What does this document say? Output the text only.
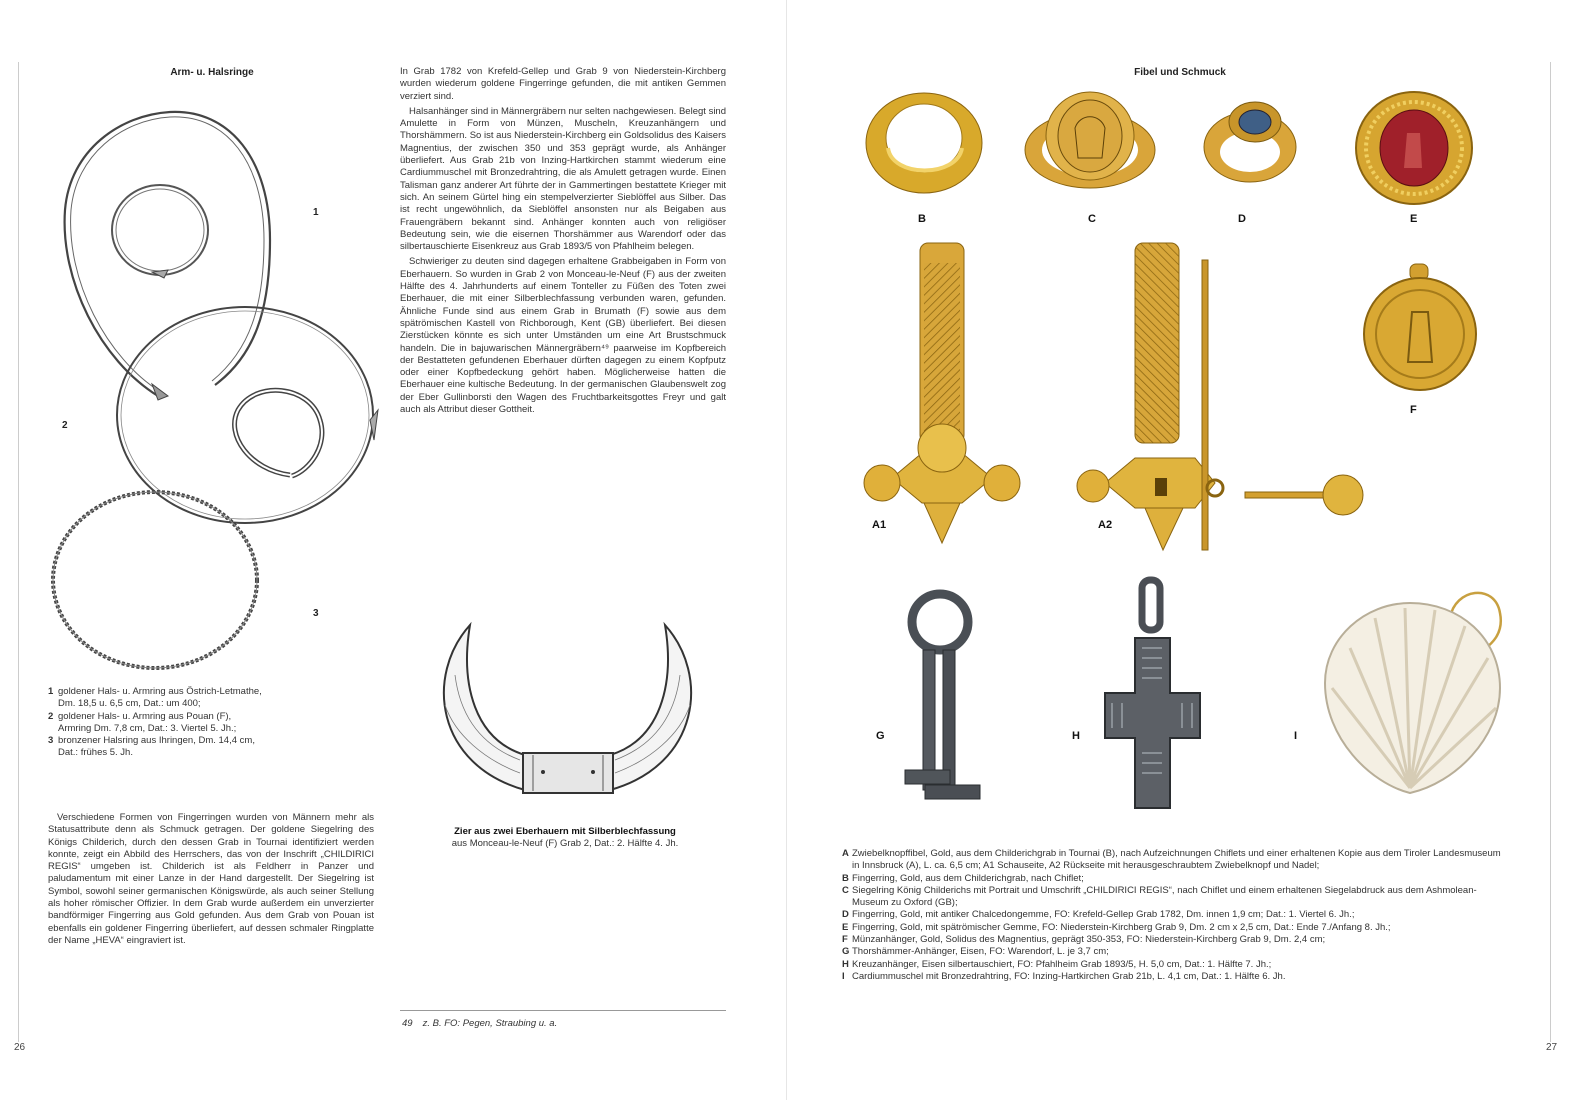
Arm- u. Halsringe
1
2
3
1 goldener Hals- u. Armring aus Östrich-Letmathe,
Dm. 18,5 u. 6,5 cm, Dat.: um 400;
2 goldener Hals- u. Armring aus Pouan (F),
Armring Dm. 7,8 cm, Dat.: 3. Viertel 5. Jh.;
3 bronzener Halsring aus Ihringen, Dm. 14,4 cm,
Dat.: frühes 5. Jh.

Verschiedene Formen von Fingerringen wurden von Männern mehr als Statusattribute denn als Schmuck getragen. Der goldene Siegelring des Königs Childerich, durch den dessen Grab in Tournai identifiziert werden konnte, zeigt ein Abbild des Herrschers, das von der Inschrift „CHILDIRICI REGIS“ umgeben ist. Childerich ist als Feldherr in Panzer und paludamentum mit einer Lanze in der Hand dargestellt. Der Siegelring ist Symbol, sowohl seiner germanischen Königswürde, als auch seiner Stellung als hoher römischer Offizier. In dem Grab wurde außerdem ein unverzierter bandförmiger Fingerring aus Gold gefunden. Aus dem Grab von Pouan ist ebenfalls ein goldener Fingerring überliefert, auf dessen schmaler Ringplatte der Name „HEVA“ eingraviert ist.

26

In Grab 1782 von Krefeld-Gellep und Grab 9 von Niederstein-Kirchberg wurden wiederum goldene Fingerringe gefunden, die mit antiken Gemmen verziert sind.

Halsanhänger sind in Männergräbern nur selten nachgewiesen. Belegt sind Amulette in Form von Münzen, Muscheln, Kreuzanhängern und Thorshämmern. So ist aus Niederstein-Kirchberg ein Goldsolidus des Kaisers Magnentius, der zwischen 350 und 353 geprägt wurde, als Anhänger überliefert. Aus Grab 21b von Inzing-Hartkirchen stammt wiederum eine Cardiummuschel mit Bronzedrahtring, die als Amulett getragen wurde. Einen Talisman ganz anderer Art führte der in Gammertingen bestattete Krieger mit sich. An seinem Gürtel hing ein stempelverzierter Sieblöffel aus Silber. Das ist recht ungewöhnlich, da Sieblöffel ansonsten nur als Beigaben aus Frauengräbern bekannt sind. Anhänger konnten auch von religiöser Bedeutung sein, wie die eisernen Thorshämmer aus Warendorf oder das silbertauschierte Eisenkreuz aus Grab 1893/5 von Pfahlheim belegen.

Schwieriger zu deuten sind dagegen erhaltene Grabbeigaben in Form von Eberhauern. So wurden in Grab 2 von Monceau-le-Neuf (F) aus der zweiten Hälfte des 4. Jahrhunderts auf einem Tonteller zu Füßen des Toten zwei Eberhauer, die mit einer Silberblechfassung verbunden waren, gefunden. Ähnliche Funde sind aus einem Grab in Brumath (F) sowie aus dem spätrömischen Kastell von Richborough, Kent (GB) überliefert. Bei diesen Zierstücken könnte es sich unter Umständen um eine Art Brustschmuck handeln. Die in bajuwarischen Männergräbern⁴⁹ paarweise im Kopfbereich der Bestatteten gefundenen Eberhauer dürften dagegen zu einem Kopfputz oder einer Kopfbedeckung gehört haben. Möglicherweise hatten die Eberhauer eine kultische Bedeutung. In der germanischen Glaubenswelt zog der Eber Gullinborsti den Wagen des Fruchtbarkeitsgottes Freyr und galt auch als Attribut dieser Gottheit.

Zier aus zwei Eberhauern mit Silberblechfassung
aus Monceau-le-Neuf (F) Grab 2, Dat.: 2. Hälfte 4. Jh.
49 z. B. FO: Pegen, Straubing u. a.
Fibel und Schmuck
B	C	D	E
F
A1	A2
G	H	I
A Zwiebelknopffibel, Gold, aus dem Childerichgrab in Tournai (B), nach Aufzeichnungen Chiflets und einer erhaltenen Kopie aus dem Tiroler Landesmuseum in Innsbruck (A), L. ca. 6,5 cm; A1 Schauseite, A2 Rückseite mit herausgeschraubtem Zwiebelknopf und Nadel;
B Fingerring, Gold, aus dem Childerichgrab, nach Chiflet;
C Siegelring König Childerichs mit Portrait und Umschrift „CHILDIRICI REGIS“, nach Chiflet und einem erhaltenen Siegelabdruck aus dem Ashmolean-Museum zu Oxford (GB);
D Fingerring, Gold, mit antiker Chalcedongemme, FO: Krefeld-Gellep Grab 1782, Dm. innen 1,9 cm; Dat.: 1. Viertel 6. Jh.;
E Fingerring, Gold, mit spätrömischer Gemme, FO: Niederstein-Kirchberg Grab 9, Dm. 2 cm x 2,5 cm, Dat.: Ende 7./Anfang 8. Jh.;
F Münzanhänger, Gold, Solidus des Magnentius, geprägt 350-353, FO: Niederstein-Kirchberg Grab 9, Dm. 2,4 cm;
G Thorshämmer-Anhänger, Eisen, FO: Warendorf, L. je 3,7 cm;
H Kreuzanhänger, Eisen silbertauschiert, FO: Pfahlheim Grab 1893/5, H. 5,0 cm, Dat.: 1. Hälfte 7. Jh.;
I Cardiummuschel mit Bronzedrahtring, FO: Inzing-Hartkirchen Grab 21b, L. 4,1 cm, Dat.: 1. Hälfte 6. Jh.
27
